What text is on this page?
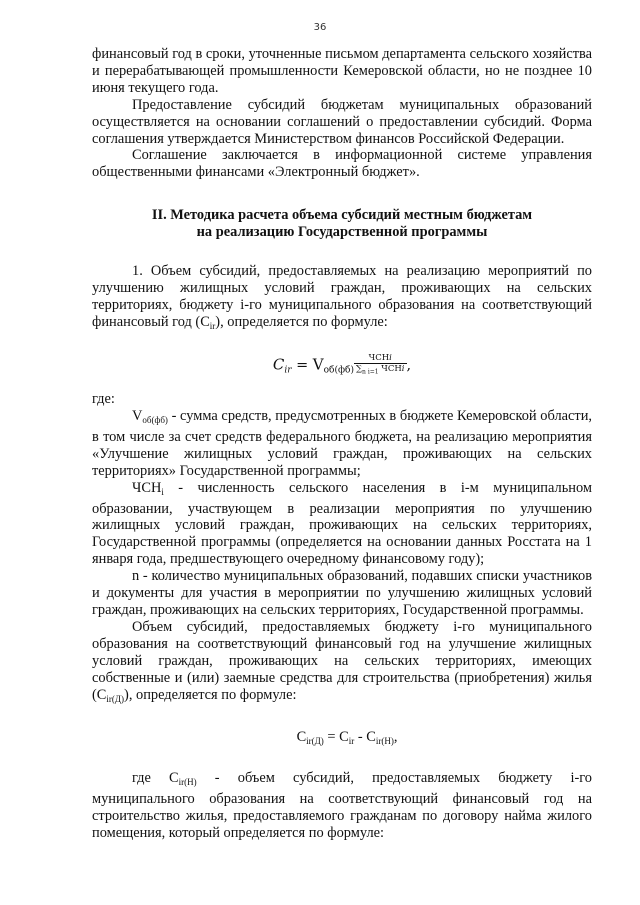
36

финансовый год в сроки, уточненные письмом департамента сельского хозяйства и перерабатывающей промышленности Кемеровской области, но не позднее 10 июня текущего года.

Предоставление субсидий бюджетам муниципальных образований осуществляется на основании соглашений о предоставлении субсидий. Форма соглашения утверждается Министерством финансов Российской Федерации.

Соглашение заключается в информационной системе управления общественными финансами «Электронный бюджет».

II. Методика расчета объема субсидий местным бюджетам
на реализацию Государственной программы

1. Объем субсидий, предоставляемых на реализацию мероприятий по улучшению жилищных условий граждан, проживающих на сельских территориях, бюджету i-го муниципального образования на соответствующий финансовый год $(C_{ir})$, определяется по формуле:

$C_{ir} = V_{об(фб)} \frac{\text{ЧСНi}}{\sum_{n i=1} ЧСНi}$ ,

где:

$V_{об(фб)}$ - сумма средств, предусмотренных в бюджете Кемеровской области, в том числе за счет средств федерального бюджета, на реализацию мероприятия «Улучшение жилищных условий граждан, проживающих на сельских территориях» Государственной программы;

$ЧСН_i$ - численность сельского населения в i-м муниципальном образовании, участвующем в реализации мероприятия по улучшению жилищных условий граждан, проживающих на сельских территориях, Государственной программы (определяется на основании данных Росстата на 1 января года, предшествующего очередному финансовому году);

n - количество муниципальных образований, подавших списки участников и документы для участия в мероприятии по улучшению жилищных условий граждан, проживающих на сельских территориях, Государственной программы.

Объем субсидий, предоставляемых бюджету i-го муниципального образования на соответствующий финансовый год на улучшение жилищных условий граждан, проживающих на сельских территориях, имеющих собственные и (или) заемные средства для строительства (приобретения) жилья $(C_{ir(Д)})$, определяется по формуле:

$C_{ir(Д)} = C_{ir} - C_{ir(H)}$,

где $C_{ir(H)}$ - объем субсидий, предоставляемых бюджету i-го муниципального образования на соответствующий финансовый год на строительство жилья, предоставляемого гражданам по договору найма жилого помещения, который определяется по формуле:
